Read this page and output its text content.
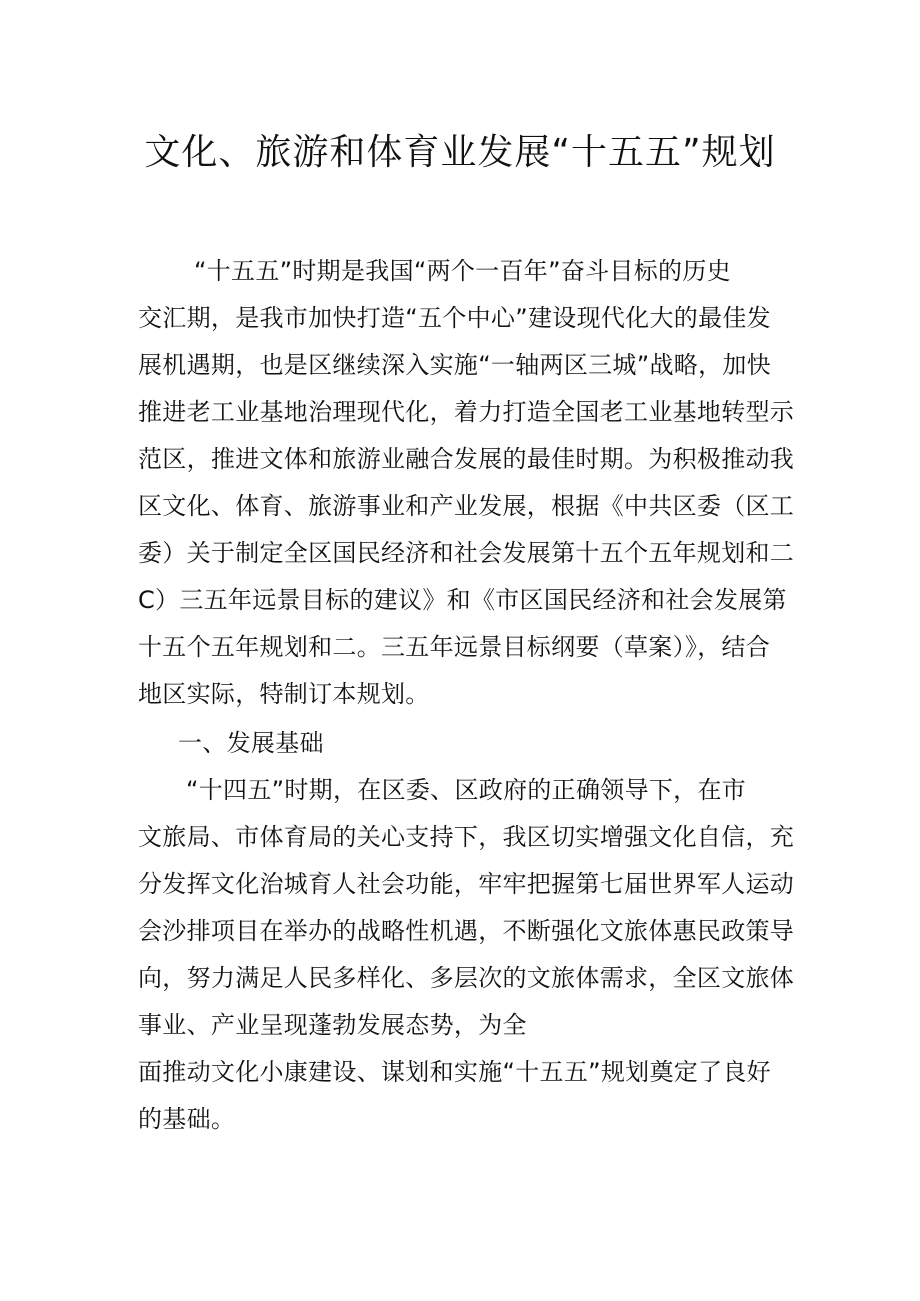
文化、旅游和体育业发展“十五五”规划
“十五五”时期是我国“两个一百年”奋斗目标的历史
交汇期，是我市加快打造“五个中心”建设现代化大的最佳发
展机遇期，也是区继续深入实施“一轴两区三城”战略，加快
推进老工业基地治理现代化，着力打造全国老工业基地转型示
范区，推进文体和旅游业融合发展的最佳时期。为积极推动我
区文化、体育、旅游事业和产业发展，根据《中共区委（区工
委）关于制定全区国民经济和社会发展第十五个五年规划和二
C）三五年远景目标的建议》和《市区国民经济和社会发展第
十五个五年规划和二。三五年远景目标纲要（草案）》，结合
地区实际，特制订本规划。
一、发展基础
“十四五”时期，在区委、区政府的正确领导下，在市
文旅局、市体育局的关心支持下，我区切实增强文化自信，充
分发挥文化治城育人社会功能，牢牢把握第七届世界军人运动
会沙排项目在举办的战略性机遇，不断强化文旅体惠民政策导
向，努力满足人民多样化、多层次的文旅体需求，全区文旅体
事业、产业呈现蓬勃发展态势，为全
面推动文化小康建设、谋划和实施“十五五”规划奠定了良好
的基础。
